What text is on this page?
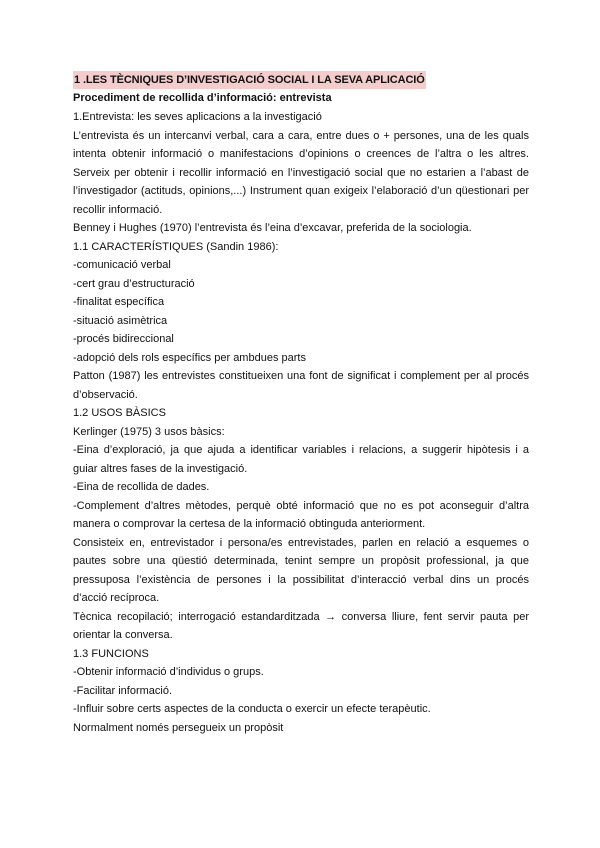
1 .LES TÈCNIQUES D’INVESTIGACIÓ SOCIAL I LA SEVA APLICACIÓ
Procediment de recollida d’informació: entrevista
1.Entrevista: les seves aplicacions a la investigació
L’entrevista és un intercanvi verbal, cara a cara, entre dues o + persones, una de les quals
intenta obtenir informació o manifestacions d’opinions o creences de l’altra o les altres.
Serveix per obtenir i recollir informació en l’investigació social que no estarien a l’abast de
l’investigador (actituds, opinions,...) Instrument quan exigeix l’elaboració d’un qüestionari per
recollir informació.
Benney i Hughes (1970) l’entrevista és l’eina d’excavar, preferida de la sociologia.
1.1 CARACTERÍSTIQUES (Sandin 1986):
-comunicació verbal
-cert grau d’estructuració
-finalitat específica
-situació asimètrica
-procés bidireccional
-adopció dels rols específics per ambdues parts
Patton (1987) les entrevistes constitueixen una font de significat i complement per al procés
d’observació.
1.2 USOS BÀSICS
Kerlinger (1975) 3 usos bàsics:
-Eina d’exploració, ja que ajuda a identificar variables i relacions, a suggerir hipòtesis i a
guiar altres fases de la investigació.
-Eina de recollida de dades.
-Complement d’altres mètodes, perquè obté informació que no es pot aconseguir d’altra
manera o comprovar la certesa de la informació obtinguda anteriorment.
Consisteix en, entrevistador i persona/es entrevistades, parlen en relació a esquemes o
pautes sobre una qüestió determinada, tenint sempre un propòsit professional, ja que
pressuposa l’existència de persones i la possibilitat d’interacció verbal dins un procés
d’acció recíproca.
Tècnica recopilació; interrogació estandarditzada → conversa lliure, fent servir pauta per
orientar la conversa.
1.3 FUNCIONS
-Obtenir informació d’individus o grups.
-Facilitar informació.
-Influir sobre certs aspectes de la conducta o exercir un efecte terapèutic.
Normalment només persegueix un propòsit
